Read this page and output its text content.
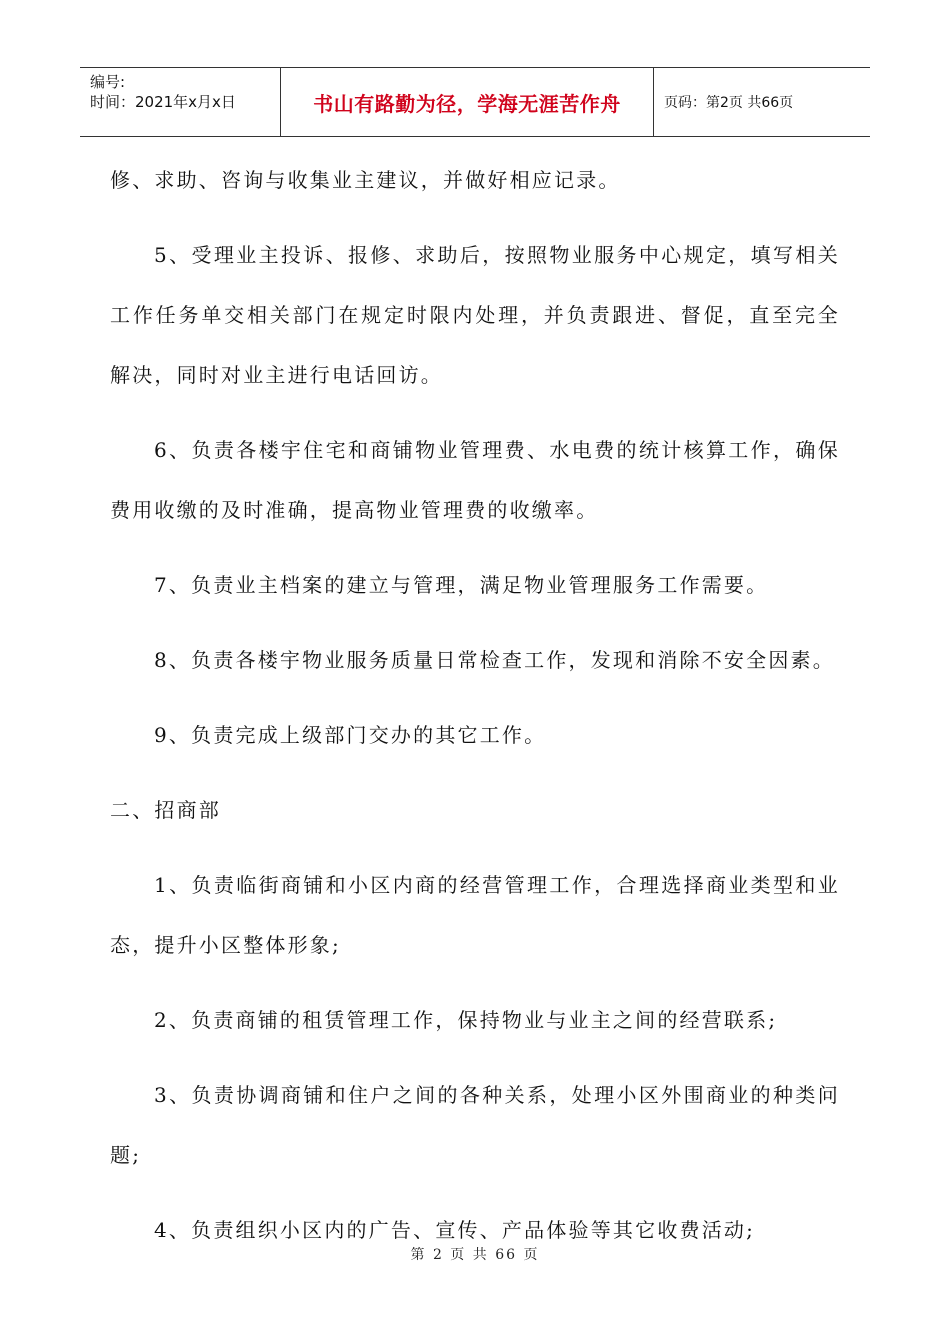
编号:
时间：2021年x月x日	书山有路勤为径，学海无涯苦作舟	页码：第2页 共66页

修、求助、咨询与收集业主建议，并做好相应记录。

5、受理业主投诉、报修、求助后，按照物业服务中心规定，填写相关工作任务单交相关部门在规定时限内处理，并负责跟进、督促，直至完全解决，同时对业主进行电话回访。

6、负责各楼宇住宅和商铺物业管理费、水电费的统计核算工作，确保费用收缴的及时准确，提高物业管理费的收缴率。

7、负责业主档案的建立与管理，满足物业管理服务工作需要。

8、负责各楼宇物业服务质量日常检查工作，发现和消除不安全因素。

9、负责完成上级部门交办的其它工作。

二、招商部

1、负责临街商铺和小区内商的经营管理工作，合理选择商业类型和业态，提升小区整体形象;

2、负责商铺的租赁管理工作，保持物业与业主之间的经营联系;

3、负责协调商铺和住户之间的各种关系，处理小区外围商业的种类问题;

4、负责组织小区内的广告、宣传、产品体验等其它收费活动;

第 2 页 共 66 页
